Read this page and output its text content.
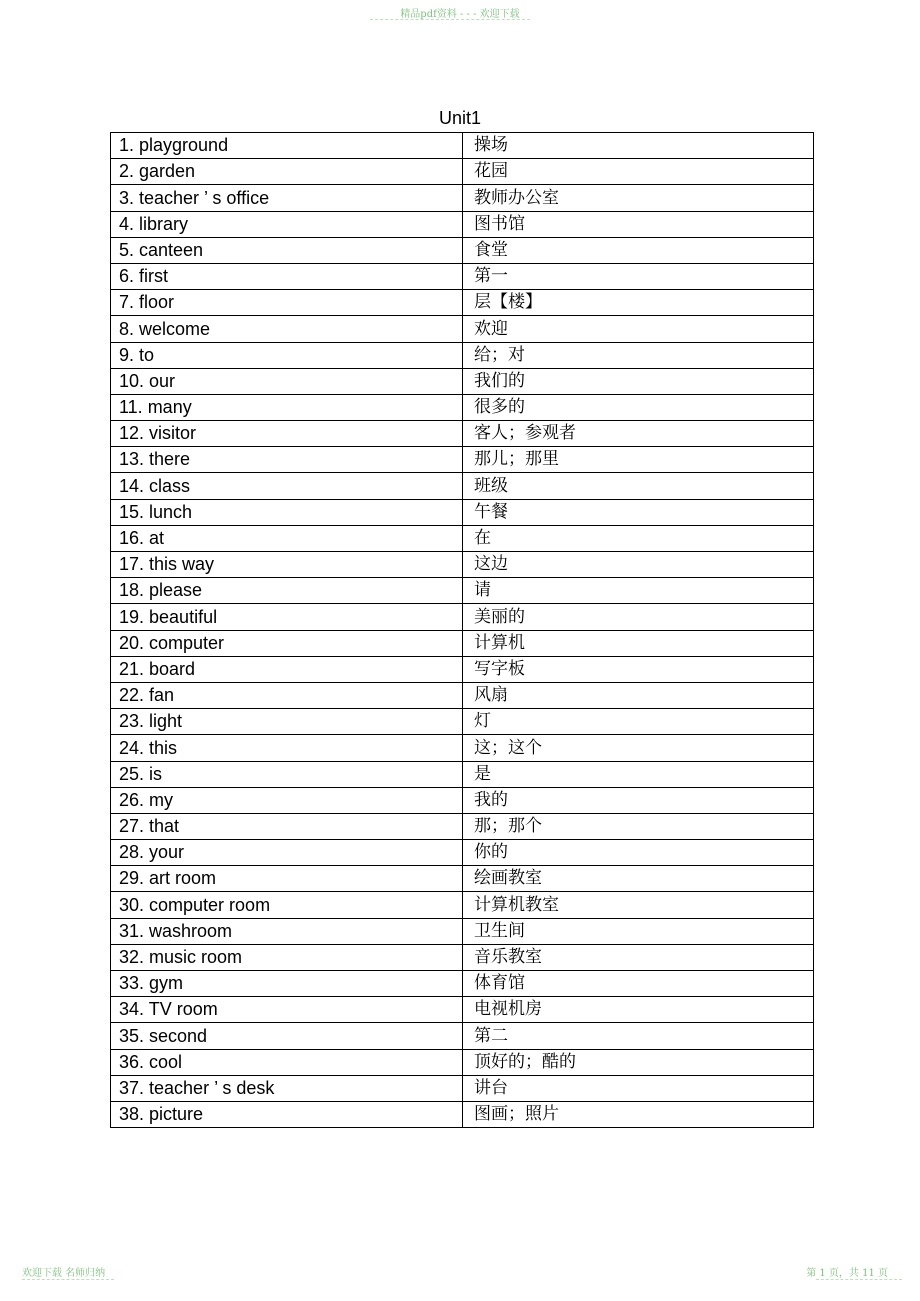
精品pdf资料 - - - 欢迎下载
Unit1
1. playground	操场
2. garden	花园
3. teacher ’ s office	教师办公室
4. library	图书馆
5. canteen	食堂
6. first	第一
7. floor	层【楼】
8. welcome	欢迎
9. to	给；对
10. our	我们的
11. many	很多的
12. visitor	客人；参观者
13. there	那儿；那里
14. class	班级
15. lunch	午餐
16. at	在
17. this way	这边
18. please	请
19. beautiful	美丽的
20. computer	计算机
21. board	写字板
22. fan	风扇
23. light	灯
24. this	这；这个
25. is	是
26. my	我的
27. that	那；那个
28. your	你的
29. art room	绘画教室
30. computer room	计算机教室
31. washroom	卫生间
32. music room	音乐教室
33. gym	体育馆
34. TV room	电视机房
35. second	第二
36. cool	顶好的；酷的
37. teacher ’ s desk	讲台
38. picture	图画；照片
欢迎下载 名师归纳	第 1 页，共 11 页
